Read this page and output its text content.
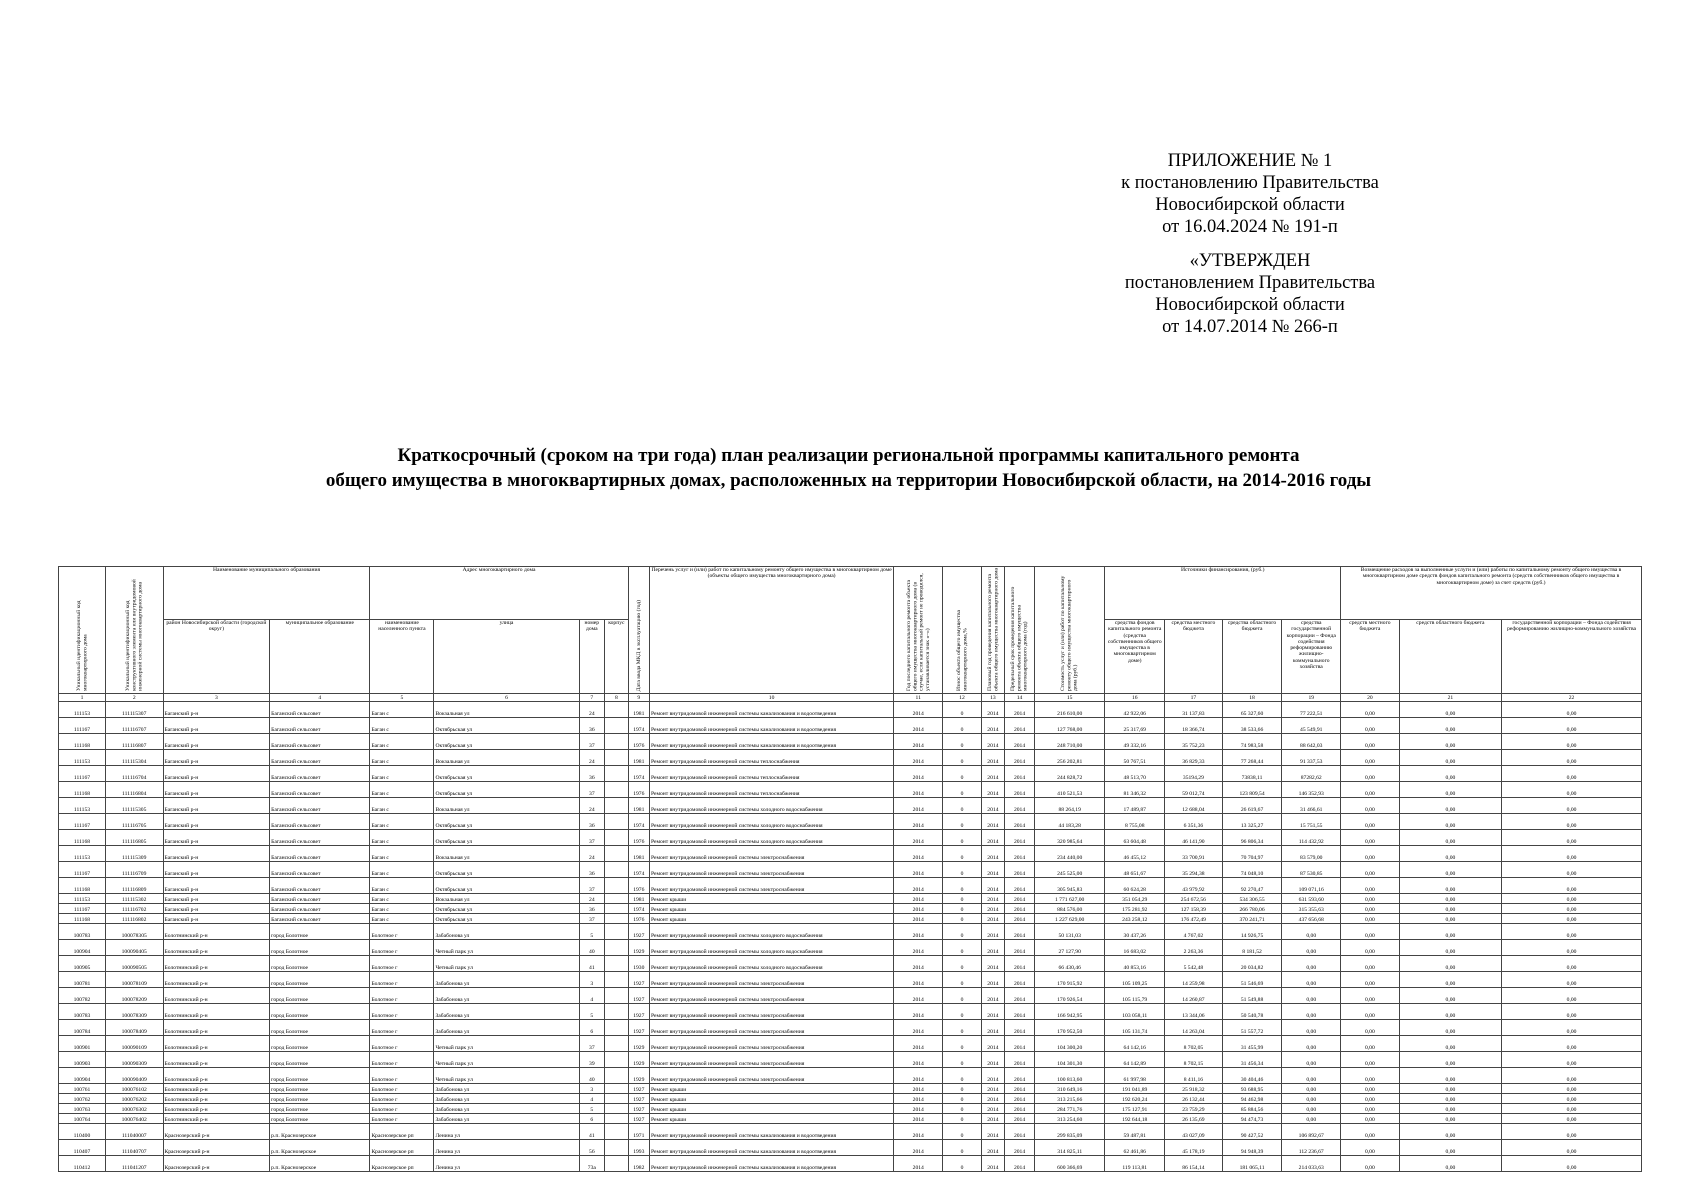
ПРИЛОЖЕНИЕ № 1
к постановлению Правительства
Новосибирской области
от 16.04.2024 № 191-п
«УТВЕРЖДЕН
постановлением Правительства
Новосибирской области
от 14.07.2014 № 266-п
Краткосрочный (сроком на три года) план реализации региональной программы капитального ремонта
общего имущества в многоквартирных домах, расположенных на территории Новосибирской области, на 2014-2016 годы
Уникальный идентификационный код многоквартирного дома	Уникальный идентификационный код конструктивного элемента или внутридомовой инженерной системы многоквартирного дома	Наименование муниципального образования		Адрес многоквартирного дома				Дата ввода МКД в эксплуатацию (год)	Перечень услуг и (или) работ по капитальному ремонту общего имущества в многоквартирном доме (объекты общего имущества многоквартирного дома)	Год последнего капитального ремонта объекта общего имущества многоквартирного дома (в случае, если капитальный ремонт не проводился, устанавливается знак «–»)	Износ объекта общего имущества многоквартирного дома,%	Плановый год проведения капитального ремонта объекта общего имущества многоквартирного дома	Предельный срок проведения капитального ремонта объекта общего имущества многоквартирного дома (год)	Стоимость услуг и (или) работ по капитальному ремонту общего имущества многоквартирного дома (руб.)	Источники финансирования, (руб.)				Возмещение расходов за выполненные услуги и (или) работы по капитальному ремонту общего имущества в многоквартирном доме средств фондов капитального ремонта (средств собственников общего имущества в многоквартирном доме) за счет средств (руб.)		
		район Новосибирской области (городской округ)	муниципальное образование	наименование населенного пункта	улица	номер дома	корпус								средства фондов капитального ремонта (средства собственников общего имущества в многоквартирном доме)	средства местного бюджета	средства областного бюджета	средства государственной корпорации – Фонда содействия реформированию жилищно-коммунального хозяйства	средств местного бюджета	средств областного бюджета	государственной корпорации – Фонда содействия реформированию жилищно-коммунального хозяйства
1	2	3	4	5	6	7	8	9	10	11	12	13	14	15	16	17	18	19	20	21	22
111153	111115307	Баганский р-н	Баганский сельсовет	Баган с	Вокзальная ул	24		1981	Ремонт внутридомовой инженерной системы канализования и водоотведения	2014	0	2014	2014	216 610,00	42 922,06	31 137,83	65 327,60	77 222,51	0,00	0,00	0,00
111167	111116707	Баганский р-н	Баганский сельсовет	Баган с	Октябрьская ул	36		1974	Ремонт внутридомовой инженерной системы канализования и водоотведения	2014	0	2014	2014	127 768,00	25 317,69	18 366,74	38 533,66	45 549,91	0,00	0,00	0,00
111168	111116807	Баганский р-н	Баганский сельсовет	Баган с	Октябрьская ул	37		1976	Ремонт внутридомовой инженерной системы канализования и водоотведения	2014	0	2014	2014	248 710,00	49 332,16	35 752,23	74 983,58	88 642,03	0,00	0,00	0,00
111153	111115304	Баганский р-н	Баганский сельсовет	Баган с	Вокзальная ул	24		1981	Ремонт внутридомовой инженерной системы теплоснабжения	2014	0	2014	2014	256 202,81	50 767,51	36 829,33	77 268,44	91 337,53	0,00	0,00	0,00
111167	111116704	Баганский р-н	Баганский сельсовет	Баган с	Октябрьская ул	36		1974	Ремонт внутридомовой инженерной системы теплоснабжения	2014	0	2014	2014	244 828,72	48 513,70	35194,29	73838,11	87282,62	0,00	0,00	0,00
111168	111116804	Баганский р-н	Баганский сельсовет	Баган с	Октябрьская ул	37		1976	Ремонт внутридомовой инженерной системы теплоснабжения	2014	0	2014	2014	410 521,53	81 346,32	59 012,74	123 809,54	146 352,93	0,00	0,00	0,00
111153	111115305	Баганский р-н	Баганский сельсовет	Баган с	Вокзальная ул	24		1981	Ремонт внутридомовой инженерной системы холодного водоснабжения	2014	0	2014	2014	88 264,19	17 489,87	12 688,04	26 619,67	31 466,61	0,00	0,00	0,00
111167	111116705	Баганский р-н	Баганский сельсовет	Баган с	Октябрьская ул	36		1974	Ремонт внутридомовой инженерной системы холодного водоснабжения	2014	0	2014	2014	44 183,28	8 755,08	6 351,36	13 325,27	15 751,55	0,00	0,00	0,00
111168	111116805	Баганский р-н	Баганский сельсовет	Баган с	Октябрьская ул	37		1976	Ремонт внутридомовой инженерной системы холодного водоснабжения	2014	0	2014	2014	320 985,64	63 604,48	46 141,90	96 806,34	114 432,92	0,00	0,00	0,00
111153	111115309	Баганский р-н	Баганский сельсовет	Баган с	Вокзальная ул	24		1981	Ремонт внутридомовой инженерной системы электроснабжения	2014	0	2014	2014	234 440,00	46 455,12	33 700,91	70 704,97	83 579,00	0,00	0,00	0,00
111167	111116709	Баганский р-н	Баганский сельсовет	Баган с	Октябрьская ул	36		1974	Ремонт внутридомовой инженерной системы электроснабжения	2014	0	2014	2014	245 525,00	48 651,67	35 294,38	74 048,10	87 530,85	0,00	0,00	0,00
111168	111116809	Баганский р-н	Баганский сельсовет	Баган с	Октябрьская ул	37		1976	Ремонт внутридомовой инженерной системы электроснабжения	2014	0	2014	2014	305 945,83	60 624,28	43 979,92	92 270,47	109 071,16	0,00	0,00	0,00
111153	111115302	Баганский р-н	Баганский сельсовет	Баган с	Вокзальная ул	24		1981	Ремонт крыши	2014	0	2014	2014	1 771 627,00	351 054,29	254 672,56	534 306,55	631 593,60	0,00	0,00	0,00
111167	111116702	Баганский р-н	Баганский сельсовет	Баган с	Октябрьская ул	36		1974	Ремонт крыши	2014	0	2014	2014	884 576,00	175 281,92	127 158,39	266 780,06	315 355,63	0,00	0,00	0,00
111168	111116802	Баганский р-н	Баганский сельсовет	Баган с	Октябрьская ул	37		1976	Ремонт крыши	2014	0	2014	2014	1 227 629,00	243 258,12	176 472,49	370 241,71	437 656,68	0,00	0,00	0,00
100783	100078305	Болотнинский р-н	город Болотное	Болотное г	Забабонова ул	5		1927	Ремонт внутридомовой инженерной системы холодного водоснабжения	2014	0	2014	2014	50 131,03	30 437,26	4 767,02	14 926,75	0,00	0,00	0,00	0,00
100904	100090405	Болотнинский р-н	город Болотное	Болотное г	Четный парк ул	40		1929	Ремонт внутридомовой инженерной системы холодного водоснабжения	2014	0	2014	2014	27 127,90	16 683,02	2 263,36	8 181,52	0,00	0,00	0,00	0,00
100905	100090505	Болотнинский р-н	город Болотное	Болотное г	Четный парк ул	41		1930	Ремонт внутридомовой инженерной системы холодного водоснабжения	2014	0	2014	2014	66 430,46	40 853,16	5 542,48	20 034,82	0,00	0,00	0,00	0,00
100781	100078109	Болотнинский р-н	город Болотное	Болотное г	Забабонова ул	3		1927	Ремонт внутридомовой инженерной системы электроснабжения	2014	0	2014	2014	170 915,92	105 109,25	14 259,98	51 546,69	0,00	0,00	0,00	0,00
100782	100078209	Болотнинский р-н	город Болотное	Болотное г	Забабонова ул	4		1927	Ремонт внутридомовой инженерной системы электроснабжения	2014	0	2014	2014	170 926,54	105 115,79	14 260,87	51 549,88	0,00	0,00	0,00	0,00
100783	100078309	Болотнинский р-н	город Болотное	Болотное г	Забабонова ул	5		1927	Ремонт внутридомовой инженерной системы электроснабжения	2014	0	2014	2014	166 942,95	103 058,11	13 344,06	50 540,78	0,00	0,00	0,00	0,00
100784	100078409	Болотнинский р-н	город Болотное	Болотное г	Забабонова ул	6		1927	Ремонт внутридомовой инженерной системы электроснабжения	2014	0	2014	2014	170 952,50	105 131,74	14 263,04	51 557,72	0,00	0,00	0,00	0,00
100901	100090109	Болотнинский р-н	город Болотное	Болотное г	Четный парк ул	37		1929	Ремонт внутридомовой инженерной системы электроснабжения	2014	0	2014	2014	104 300,20	64 142,16	8 702,05	31 455,99	0,00	0,00	0,00	0,00
100903	100090309	Болотнинский р-н	город Болотное	Болотное г	Четный парк ул	39		1929	Ремонт внутридомовой инженерной системы электроснабжения	2014	0	2014	2014	104 301,30	64 142,89	8 702,15	31 456,34	0,00	0,00	0,00	0,00
100904	100090409	Болотнинский р-н	город Болотное	Болотное г	Четный парк ул	40		1929	Ремонт внутридомовой инженерной системы электроснабжения	2014	0	2014	2014	100 813,60	61 997,98	8 411,16	30 404,46	0,00	0,00	0,00	0,00
100761	100076102	Болотнинский р-н	город Болотное	Болотное г	Забабонова ул	3		1927	Ремонт крыши	2014	0	2014	2014	310 649,16	191 041,89	25 918,32	93 688,95	0,00	0,00	0,00	0,00
100762	100076202	Болотнинский р-н	город Болотное	Болотное г	Забабонова ул	4		1927	Ремонт крыши	2014	0	2014	2014	313 215,66	192 620,24	26 132,44	94 462,98	0,00	0,00	0,00	0,00
100763	100076302	Болотнинский р-н	город Болотное	Болотное г	Забабонова ул	5		1927	Ремонт крыши	2014	0	2014	2014	284 771,76	175 127,91	23 759,29	85 884,56	0,00	0,00	0,00	0,00
100764	100076402	Болотнинский р-н	город Болотное	Болотное г	Забабонова ул	6		1927	Ремонт крыши	2014	0	2014	2014	313 254,60	192 644,18	26 135,69	94 474,73	0,00	0,00	0,00	0,00
110400	111040007	Краснозерский р-н	р.п. Краснозерское	Краснозерское рп	Ленина ул	41		1971	Ремонт внутридомовой инженерной системы канализования и водоотведения	2014	0	2014	2014	299 835,09	59 487,81	43 027,09	90 427,52	106 892,67	0,00	0,00	0,00
110407	111040707	Краснозерский р-н	р.п. Краснозерское	Краснозерское рп	Ленина ул	56		1993	Ремонт внутридомовой инженерной системы канализования и водоотведения	2014	0	2014	2014	314 825,11	62 461,86	45 178,19	94 948,39	112 236,67	0,00	0,00	0,00
110412	111041207	Краснозерский р-н	р.п. Краснозерское	Краснозерское рп	Ленина ул	73а		1982	Ремонт внутридомовой инженерной системы канализования и водоотведения	2014	0	2014	2014	600 366,69	119 113,81	86 154,14	181 065,11	214 033,63	0,00	0,00	0,00
